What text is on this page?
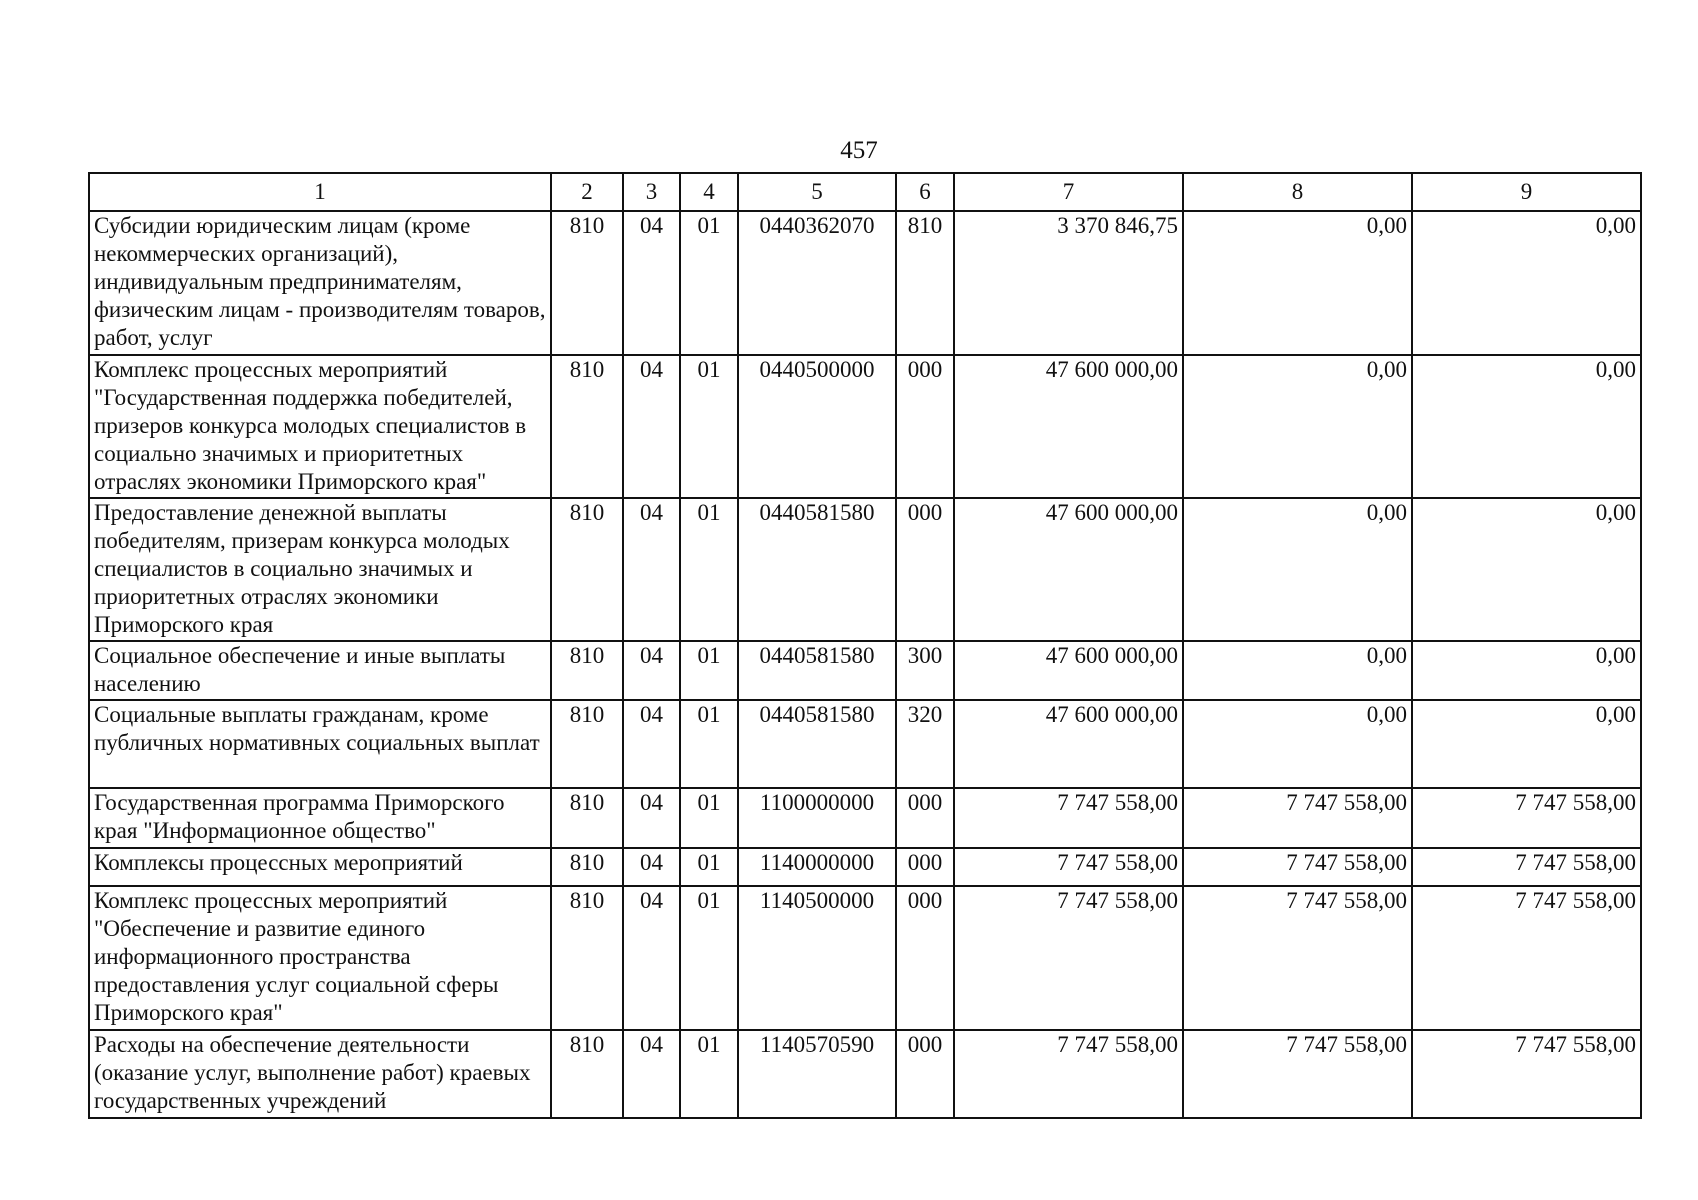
457
1	2	3	4	5	6	7	8	9
Субсидии юридическим лицам (кроме некоммерческих организаций), индивидуальным предпринимателям, физическим лицам - производителям товаров, работ, услуг	810	04	01	0440362070	810	3 370 846,75	0,00	0,00
Комплекс процессных мероприятий "Государственная поддержка победителей, призеров конкурса молодых специалистов в социально значимых и приоритетных отраслях экономики Приморского края"	810	04	01	0440500000	000	47 600 000,00	0,00	0,00
Предоставление денежной выплаты победителям, призерам конкурса молодых специалистов в социально значимых и приоритетных отраслях экономики Приморского края	810	04	01	0440581580	000	47 600 000,00	0,00	0,00
Социальное обеспечение и иные выплаты населению	810	04	01	0440581580	300	47 600 000,00	0,00	0,00
Социальные выплаты гражданам, кроме публичных нормативных социальных выплат	810	04	01	0440581580	320	47 600 000,00	0,00	0,00
Государственная программа Приморского края "Информационное общество"	810	04	01	1100000000	000	7 747 558,00	7 747 558,00	7 747 558,00
Комплексы процессных мероприятий	810	04	01	1140000000	000	7 747 558,00	7 747 558,00	7 747 558,00
Комплекс процессных мероприятий "Обеспечение и развитие единого информационного пространства предоставления услуг социальной сферы Приморского края"	810	04	01	1140500000	000	7 747 558,00	7 747 558,00	7 747 558,00
Расходы на обеспечение деятельности (оказание услуг, выполнение работ) краевых государственных учреждений	810	04	01	1140570590	000	7 747 558,00	7 747 558,00	7 747 558,00
